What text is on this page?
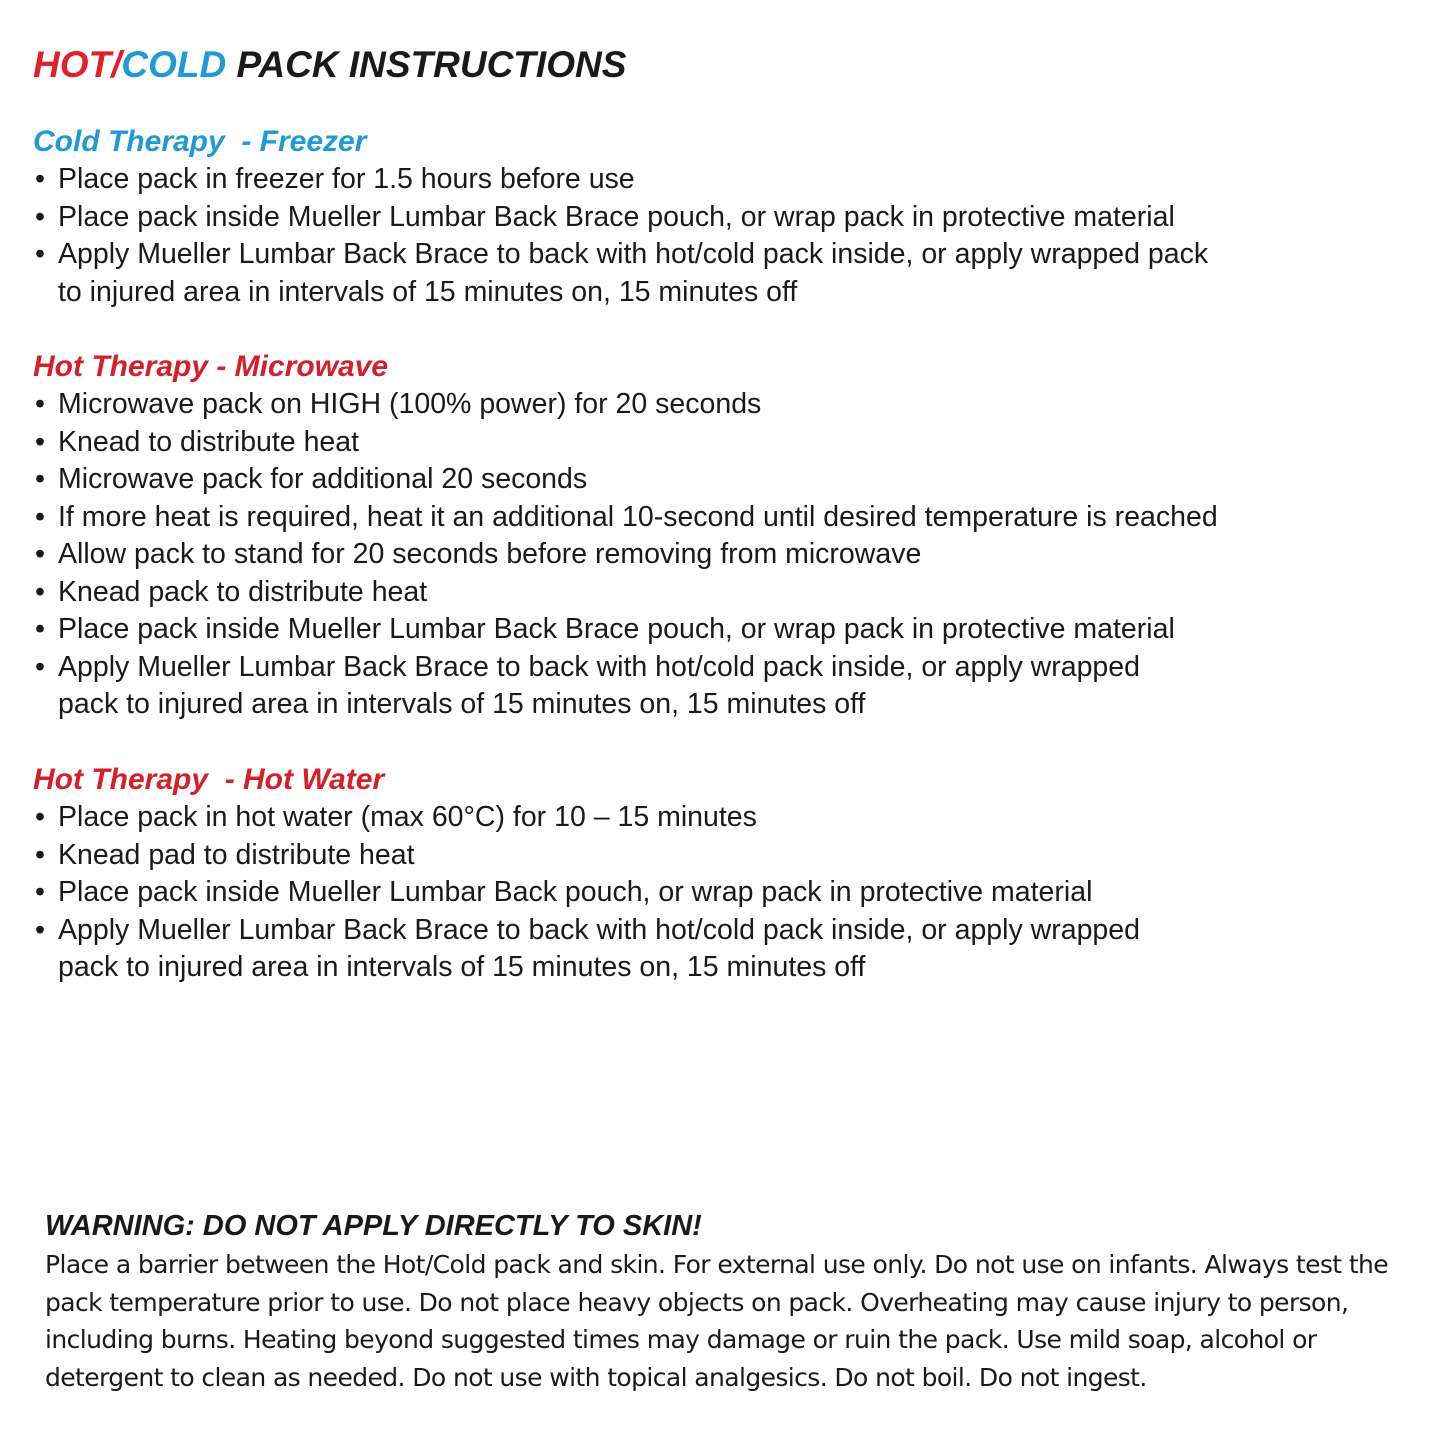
HOT/COLD PACK INSTRUCTIONS
Cold Therapy  - Freezer
• Place pack in freezer for 1.5 hours before use
• Place pack inside Mueller Lumbar Back Brace pouch, or wrap pack in protective material
• Apply Mueller Lumbar Back Brace to back with hot/cold pack inside, or apply wrapped pack
to injured area in intervals of 15 minutes on, 15 minutes off
Hot Therapy - Microwave
• Microwave pack on HIGH (100% power) for 20 seconds
• Knead to distribute heat
• Microwave pack for additional 20 seconds
• If more heat is required, heat it an additional 10-second until desired temperature is reached
• Allow pack to stand for 20 seconds before removing from microwave
• Knead pack to distribute heat
• Place pack inside Mueller Lumbar Back Brace pouch, or wrap pack in protective material
• Apply Mueller Lumbar Back Brace to back with hot/cold pack inside, or apply wrapped
pack to injured area in intervals of 15 minutes on, 15 minutes off
Hot Therapy  - Hot Water
• Place pack in hot water (max 60°C) for 10 – 15 minutes
• Knead pad to distribute heat
• Place pack inside Mueller Lumbar Back pouch, or wrap pack in protective material
• Apply Mueller Lumbar Back Brace to back with hot/cold pack inside, or apply wrapped
pack to injured area in intervals of 15 minutes on, 15 minutes off
WARNING: DO NOT APPLY DIRECTLY TO SKIN!

Place a barrier between the Hot/Cold pack and skin. For external use only. Do not use on infants. Always test the pack temperature prior to use. Do not place heavy objects on pack. Overheating may cause injury to person, including burns. Heating beyond suggested times may damage or ruin the pack. Use mild soap, alcohol or detergent to clean as needed. Do not use with topical analgesics. Do not boil. Do not ingest.
